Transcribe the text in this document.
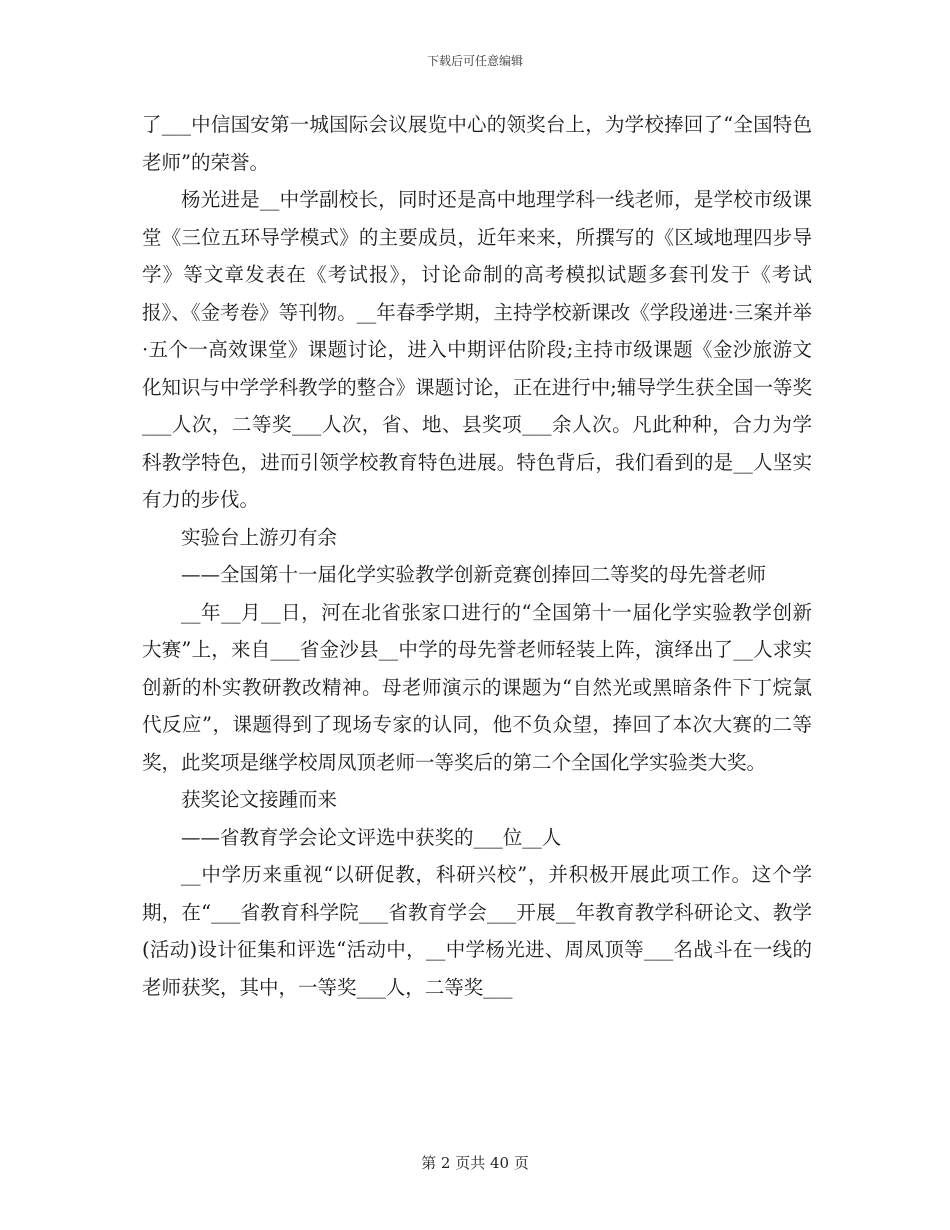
下载后可任意编辑

了___中信国安第一城国际会议展览中心的领奖台上，为学校捧回了“全国特色老师”的荣誉。

杨光进是__中学副校长，同时还是高中地理学科一线老师，是学校市级课堂《三位五环导学模式》的主要成员，近年来来，所撰写的《区域地理四步导学》等文章发表在《考试报》，讨论命制的高考模拟试题多套刊发于《考试报》、《金考卷》等刊物。__年春季学期，主持学校新课改《学段递进·三案并举·五个一高效课堂》课题讨论，进入中期评估阶段;主持市级课题《金沙旅游文化知识与中学学科教学的整合》课题讨论，正在进行中;辅导学生获全国一等奖___人次，二等奖___人次，省、地、县奖项___余人次。凡此种种，合力为学科教学特色，进而引领学校教育特色进展。特色背后，我们看到的是__人坚实有力的步伐。

实验台上游刃有余

——全国第十一届化学实验教学创新竞赛创捧回二等奖的母先誉老师

__年__月__日，河在北省张家口进行的“全国第十一届化学实验教学创新大赛”上，来自___省金沙县__中学的母先誉老师轻装上阵，演绎出了__人求实创新的朴实教研教改精神。母老师演示的课题为“自然光或黑暗条件下丁烷氯代反应”，课题得到了现场专家的认同，他不负众望，捧回了本次大赛的二等奖，此奖项是继学校周凤顶老师一等奖后的第二个全国化学实验类大奖。

获奖论文接踵而来

——省教育学会论文评选中获奖的___位__人

__中学历来重视“以研促教，科研兴校”，并积极开展此项工作。这个学期，在“___省教育科学院___省教育学会___开展__年教育教学科研论文、教学(活动)设计征集和评选“活动中，__中学杨光进、周凤顶等___名战斗在一线的老师获奖，其中，一等奖___人，二等奖___

第 2 页共 40 页
